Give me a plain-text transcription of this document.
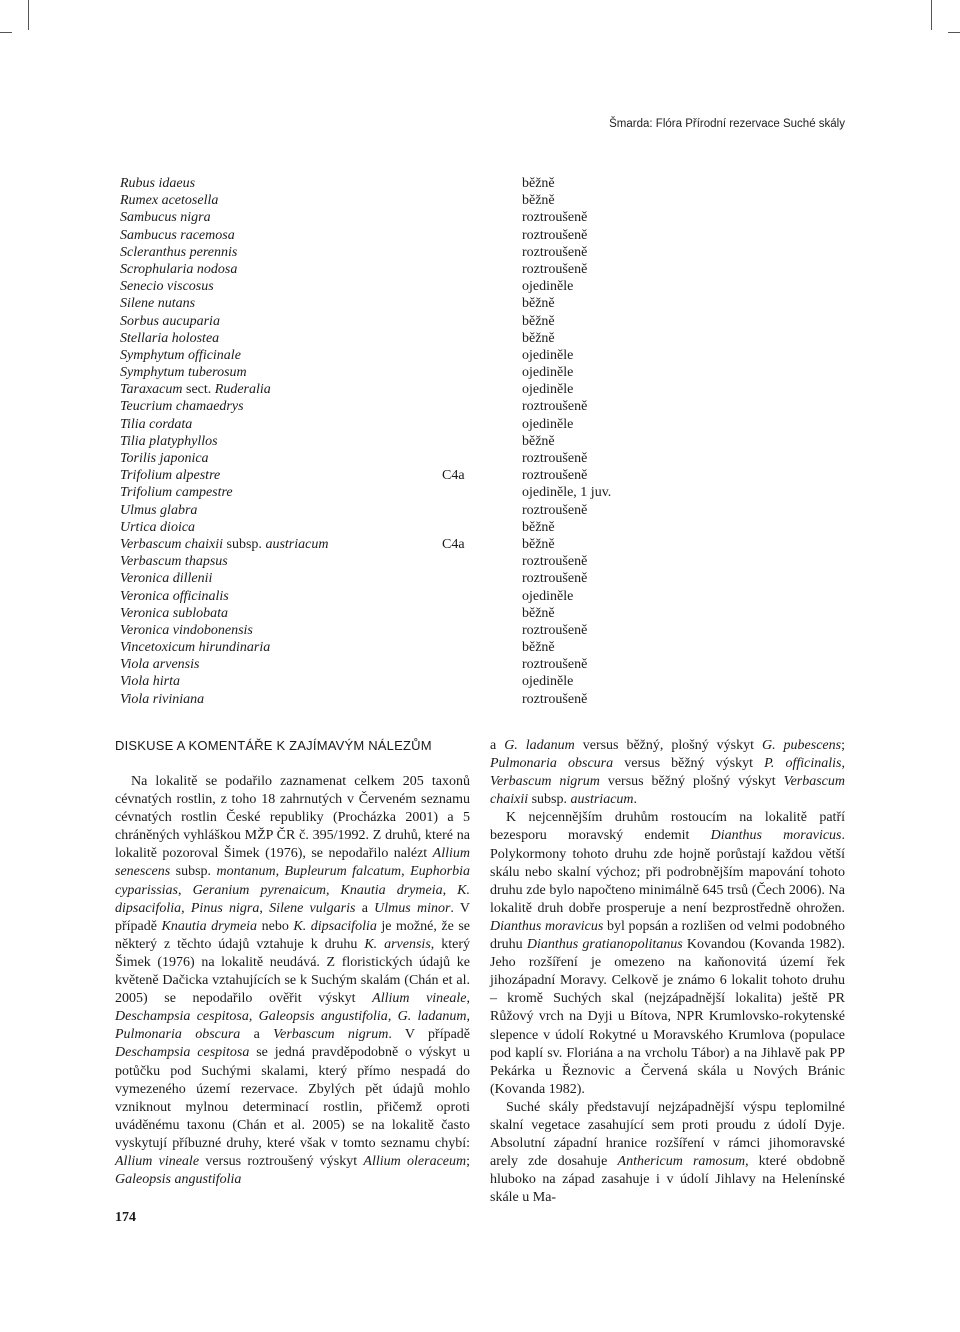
Šmarda: Flóra Přírodní rezervace Suché skály
Rubus idaeus	běžně
Rumex acetosella	běžně
Sambucus nigra	roztroušeně
Sambucus racemosa	roztroušeně
Scleranthus perennis	roztroušeně
Scrophularia nodosa	roztroušeně
Senecio viscosus	ojediněle
Silene nutans	běžně
Sorbus aucuparia	běžně
Stellaria holostea	běžně
Symphytum officinale	ojediněle
Symphytum tuberosum	ojediněle
Taraxacum sect. Ruderalia	ojediněle
Teucrium chamaedrys	roztroušeně
Tilia cordata	ojediněle
Tilia platyphyllos	běžně
Torilis japonica	roztroušeně
Trifolium alpestre	C4a	roztroušeně
Trifolium campestre	ojediněle, 1 juv.
Ulmus glabra	roztroušeně
Urtica dioica	běžně
Verbascum chaixii subsp. austriacum	C4a	běžně
Verbascum thapsus	roztroušeně
Veronica dillenii	roztroušeně
Veronica officinalis	ojediněle
Veronica sublobata	běžně
Veronica vindobonensis	roztroušeně
Vincetoxicum hirundinaria	běžně
Viola arvensis	roztroušeně
Viola hirta	ojediněle
Viola riviniana	roztroušeně
DISKUSE A KOMENTÁŘE K ZAJÍMAVÝM NÁLEZŮM

Na lokalitě se podařilo zaznamenat celkem 205 taxonů cévnatých rostlin, z toho 18 zahrnutých v Červeném seznamu cévnatých rostlin České republiky (Procházka 2001) a 5 chráněných vyhláškou MŽP ČR č. 395/1992. Z druhů, které na lokalitě pozoroval Šimek (1976), se nepodařilo nalézt Allium senescens subsp. montanum, Bupleurum falcatum, Euphorbia cyparissias, Geranium pyrenaicum, Knautia drymeia, K. dipsacifolia, Pinus nigra, Silene vulgaris a Ulmus minor. V případě Knautia drymeia nebo K. dipsacifolia je možné, že se některý z těchto údajů vztahuje k druhu K. arvensis, který Šimek (1976) na lokalitě neudává. Z floristických údajů ke květeně Dačicka vztahujících se k Suchým skalám (Chán et al. 2005) se nepodařilo ověřit výskyt Allium vineale, Deschampsia cespitosa, Galeopsis angustifolia, G. ladanum, Pulmonaria obscura a Verbascum nigrum. V případě Deschampsia cespitosa se jedná pravděpodobně o výskyt u potůčku pod Suchými skalami, který přímo nespadá do vymezeného území rezervace. Zbylých pět údajů mohlo vzniknout mylnou determinací rostlin, přičemž oproti uváděnému taxonu (Chán et al. 2005) se na lokalitě často vyskytují příbuzné druhy, které však v tomto seznamu chybí: Allium vineale versus roztroušený výskyt Allium oleraceum; Galeopsis angustifolia

a G. ladanum versus běžný, plošný výskyt G. pubescens; Pulmonaria obscura versus běžný výskyt P. officinalis, Verbascum nigrum versus běžný plošný výskyt Verbascum chaixii subsp. austriacum.

K nejcennějším druhům rostoucím na lokalitě patří bezesporu moravský endemit Dianthus moravicus. Polykormony tohoto druhu zde hojně porůstají každou větší skálu nebo skalní výchoz; při podrobnějším mapování tohoto druhu zde bylo napočteno minimálně 645 trsů (Čech 2006). Na lokalitě druh dobře prosperuje a není bezprostředně ohrožen. Dianthus moravicus byl popsán a rozlišen od velmi podobného druhu Dianthus gratianopolitanus Kovandou (Kovanda 1982). Jeho rozšíření je omezeno na kaňonovitá území řek jihozápadní Moravy. Celkově je známo 6 lokalit tohoto druhu – kromě Suchých skal (nejzápadnější lokalita) ještě PR Růžový vrch na Dyji u Bítova, NPR Krumlovsko-rokytenské slepence v údolí Rokytné u Moravského Krumlova (populace pod kaplí sv. Floriána a na vrcholu Tábor) a na Jihlavě pak PP Pekárka u Řeznovic a Červená skála u Nových Bránic (Kovanda 1982).

Suché skály představují nejzápadnější výspu teplomilné skalní vegetace zasahující sem proti proudu z údolí Dyje. Absolutní západní hranice rozšíření v rámci jihomoravské arely zde dosahuje Anthericum ramosum, které obdobně hluboko na západ zasahuje i v údolí Jihlavy na Helenínské skále u Ma-

174
